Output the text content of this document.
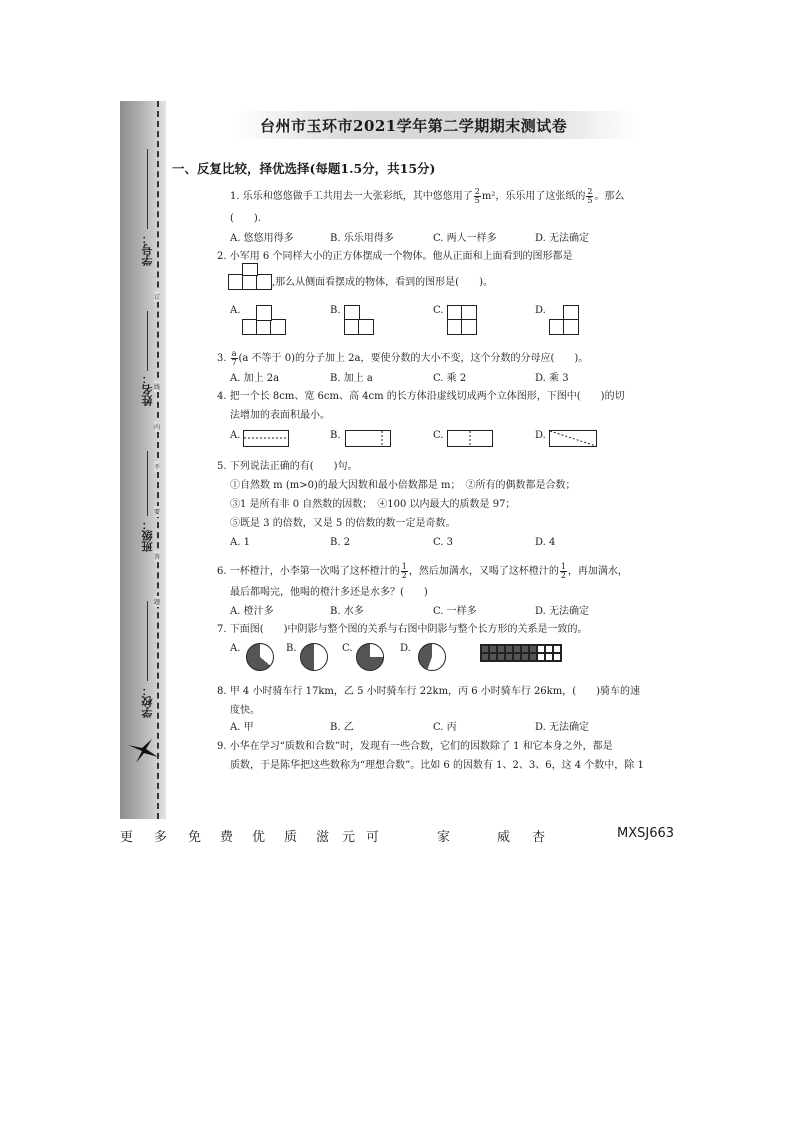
学号：
姓名：
班级：
学校：
订
线
内
不
要
答
题
台州市玉环市2021学年第二学期期末测试卷
一、反复比较，择优选择(每题1.5分，共15分)
1. 乐乐和悠悠做手工共用去一大张彩纸，其中悠悠用了 $\frac{2}{5} m^2$，乐乐用了这张纸的 $\frac{2}{5}$ 。那么
(　　).
A. 悠悠用得多	B. 乐乐用得多	C. 两人一样多	D. 无法确定
2. 小军用 6 个同样大小的正方体摆成一个物体。他从正面和上面看到的图形都是
,那么从侧面看摆成的物体，看到的图形是(　　)。
A.	B.	C.	D.
3. $\frac{a}{7} (a$ 不等于 0)的分子加上 2a，要使分数的大小不变，这个分数的分母应(　　)。
A. 加上 2a	B. 加上 a	C. 乘 2	D. 乘 3
4. 把一个长 8cm、宽 6cm、高 4cm 的长方体沿虚线切成两个立体图形，下图中(　　)的切
法增加的表面积最小。
A.	B.	C.	D.
5. 下列说法正确的有(　　)句。
①自然数 m (m>0)的最大因数和最小倍数都是 m；　②所有的偶数都是合数；
③1 是所有非 0 自然数的因数；　④100 以内最大的质数是 97；
⑤既是 3 的倍数，又是 5 的倍数的数一定是奇数。
A. 1	B. 2	C. 3	D. 4
6. 一杯橙汁，小李第一次喝了这杯橙汁的 $\frac{1}{2}$ ，然后加满水，又喝了这杯橙汁的 $\frac{1}{2}$ ，再加满水，
最后都喝完，他喝的橙汁多还是水多？(　　)
A. 橙汁多	B. 水多	C. 一样多	D. 无法确定
7. 下面图(　　)中阴影与整个图的关系与右图中阴影与整个长方形的关系是一致的。
A.	B.	C.	D.
8. 甲 4 小时骑车行 17km，乙 5 小时骑车行 22km，丙 6 小时骑车行 26km，(　　)骑车的速
度快。
A. 甲	B. 乙	C. 丙	D. 无法确定
9. 小华在学习“质数和合数”时，发现有一些合数，它们的因数除了 1 和它本身之外，都是
质数，于是陈华把这些数称为“理想合数”。比如 6 的因数有 1、2、3、6，这 4 个数中，除 1
更 多 免 费 优 质 滋 元 可	家	威 杏	MXSJ663
